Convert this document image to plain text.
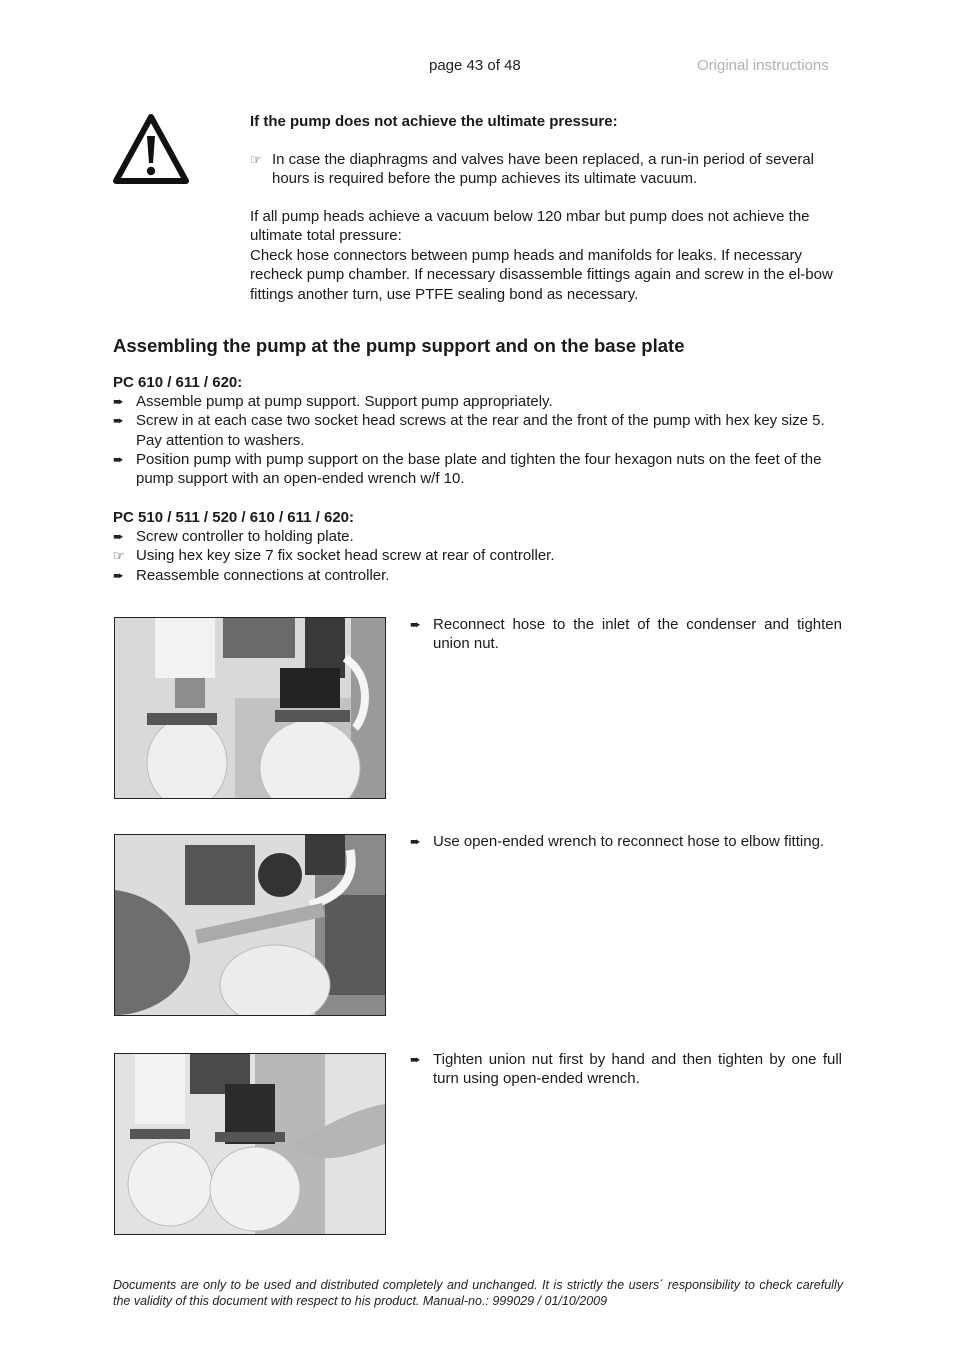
page 43 of 48	Original instructions

If the pump does not achieve the ultimate pressure:

☞ In case the diaphragms and valves have been replaced, a run-in period of several hours is required before the pump achieves its ultimate vacuum.

If all pump heads achieve a vacuum below 120 mbar but pump does not achieve the ultimate total pressure:

Check hose connectors between pump heads and manifolds for leaks. If necessary recheck pump chamber. If necessary disassemble fittings again and screw in the el-bow fittings another turn, use PTFE sealing bond as necessary.

Assembling the pump at the pump support and on the base plate

PC 610 / 611 / 620:

➨ Assemble pump at pump support. Support pump appropriately.
➨ Screw in at each case two socket head screws at the rear and the front of the pump with hex key size 5. Pay attention to washers.
➨ Position pump with pump support on the base plate and tighten the four hexagon nuts on the feet of the pump support with an open-ended wrench w/f 10.

PC 510 / 511 / 520 / 610 / 611 / 620:

➨ Screw controller to holding plate.
☞ Using hex key size 7 fix socket head screw at rear of controller.
➨ Reassemble connections at controller.
➨ Reconnect hose to the inlet of the condenser and tighten union nut.
➨ Use open-ended wrench to reconnect hose to elbow fitting.
➨ Tighten union nut first by hand and then tighten by one full turn using open-ended wrench.
Documents are only to be used and distributed completely and unchanged. It is strictly the users´ responsibility to check carefully the validity of this document with respect to his product. Manual-no.: 999029 / 01/10/2009
